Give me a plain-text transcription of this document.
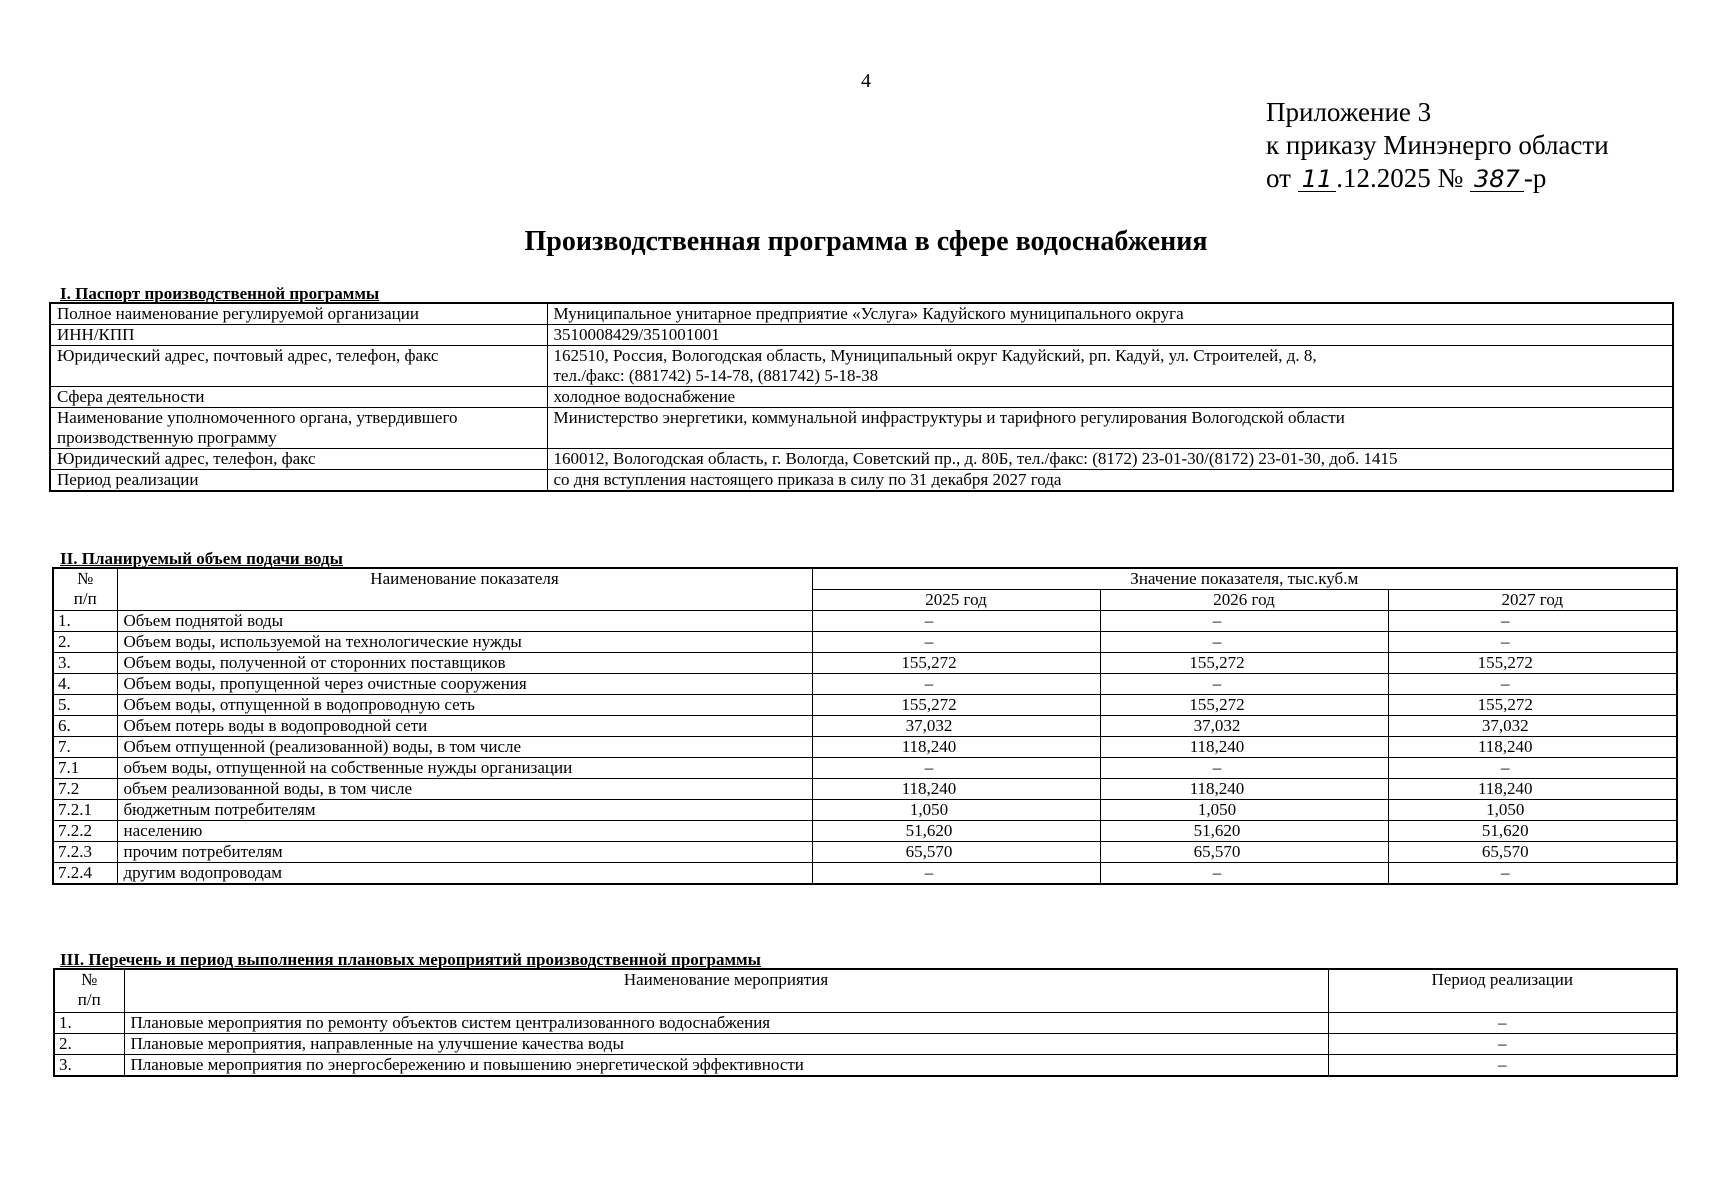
4
Приложение 3
к приказу Минэнерго области
от 11 .12.2025 № 387 -р
Производственная программа в сфере водоснабжения
I. Паспорт производственной программы
Полное наименование регулируемой организации	Муниципальное унитарное предприятие «Услуга» Кадуйского муниципального округа
ИНН/КПП	3510008429/351001001
Юридический адрес, почтовый адрес, телефон, факс	162510, Россия, Вологодская область, Муниципальный округ Кадуйский, рп. Кадуй, ул. Строителей, д. 8,
тел./факс: (881742) 5-14-78, (881742) 5-18-38
Сфера деятельности	холодное водоснабжение
Наименование уполномоченного органа, утвердившего производственную программу	Министерство энергетики, коммунальной инфраструктуры и тарифного регулирования Вологодской области
Юридический адрес, телефон, факс	160012, Вологодская область, г. Вологда, Советский пр., д. 80Б, тел./факс: (8172) 23-01-30/(8172) 23-01-30, доб. 1415
Период реализации	со дня вступления настоящего приказа в силу по 31 декабря 2027 года
II. Планируемый объем подачи воды
№
п/п	Наименование показателя	Значение показателя, тыс.куб.м		
		2025 год	2026 год	2027 год
1.	Объем поднятой воды	–	–	–
2.	Объем воды, используемой на технологические нужды	–	–	–
3.	Объем воды, полученной от сторонних поставщиков	155,272	155,272	155,272
4.	Объем воды, пропущенной через очистные сооружения	–	–	–
5.	Объем воды, отпущенной в водопроводную сеть	155,272	155,272	155,272
6.	Объем потерь воды в водопроводной сети	37,032	37,032	37,032
7.	Объем отпущенной (реализованной) воды, в том числе	118,240	118,240	118,240
7.1	объем воды, отпущенной на собственные нужды организации	–	–	–
7.2	объем реализованной воды, в том числе	118,240	118,240	118,240
7.2.1	бюджетным потребителям	1,050	1,050	1,050
7.2.2	населению	51,620	51,620	51,620
7.2.3	прочим потребителям	65,570	65,570	65,570
7.2.4	другим водопроводам	–	–	–
III. Перечень и период выполнения плановых мероприятий производственной программы
№
п/п	Наименование мероприятия	Период реализации
1.	Плановые мероприятия по ремонту объектов систем централизованного водоснабжения	–
2.	Плановые мероприятия, направленные на улучшение качества воды	–
3.	Плановые мероприятия по энергосбережению и повышению энергетической эффективности	–
